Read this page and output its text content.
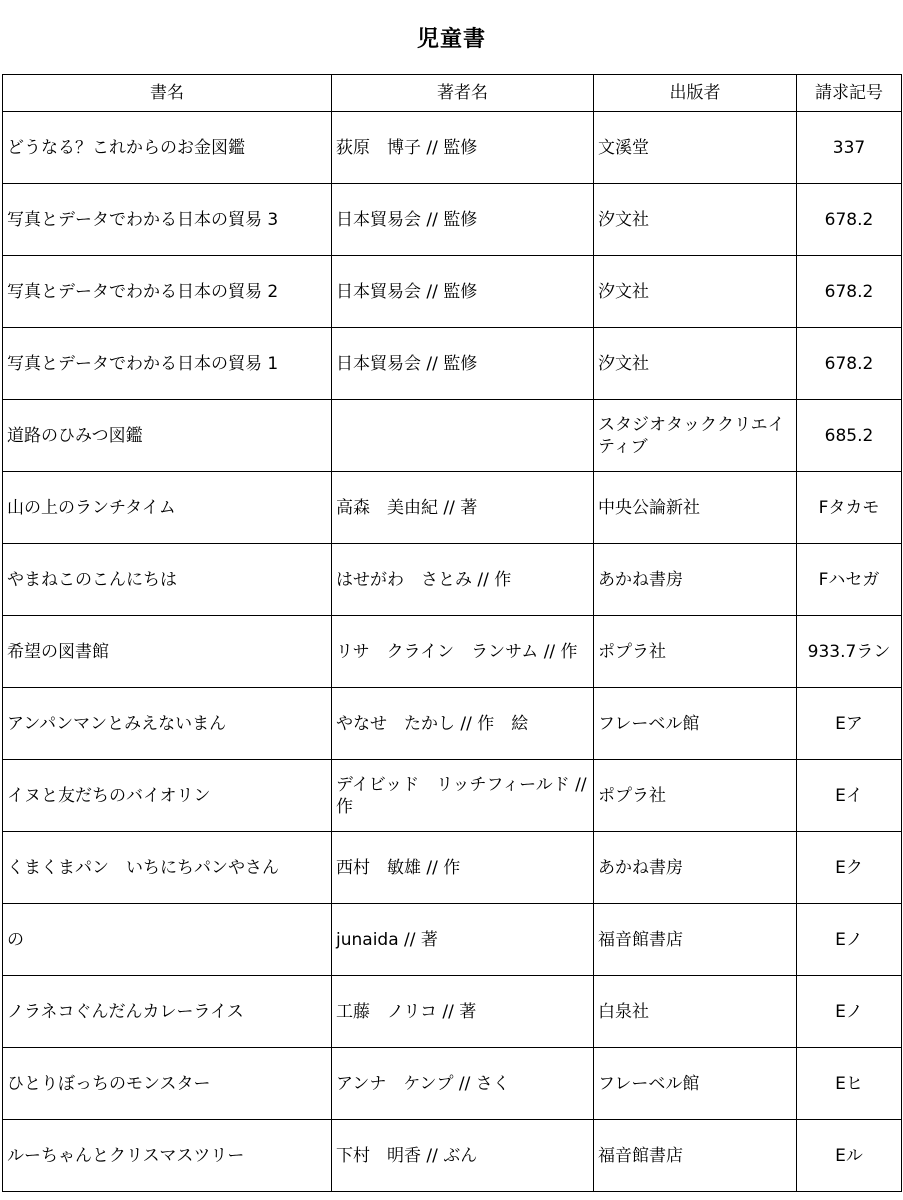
児童書
書名	著者名	出版者	請求記号
どうなる？これからのお金図鑑	荻原　博子 // 監修	文溪堂	337
写真とデータでわかる日本の貿易 3	日本貿易会 // 監修	汐文社	678.2
写真とデータでわかる日本の貿易 2	日本貿易会 // 監修	汐文社	678.2
写真とデータでわかる日本の貿易 1	日本貿易会 // 監修	汐文社	678.2
道路のひみつ図鑑		スタジオタッククリエイティブ	685.2
山の上のランチタイム	高森　美由紀 // 著	中央公論新社	Fタカモ
やまねこのこんにちは	はせがわ　さとみ // 作	あかね書房	Fハセガ
希望の図書館	リサ　クライン　ランサム // 作	ポプラ社	933.7ラン
アンパンマンとみえないまん	やなせ　たかし // 作　絵	フレーベル館	Eア
イヌと友だちのバイオリン	デイビッド　リッチフィールド // 作	ポプラ社	Eイ
くまくまパン　いちにちパンやさん	西村　敏雄 // 作	あかね書房	Eク
の	junaida // 著	福音館書店	Eノ
ノラネコぐんだんカレーライス	工藤　ノリコ // 著	白泉社	Eノ
ひとりぼっちのモンスター	アンナ　ケンプ // さく	フレーベル館	Eヒ
ルーちゃんとクリスマスツリー	下村　明香 // ぶん	福音館書店	Eル
